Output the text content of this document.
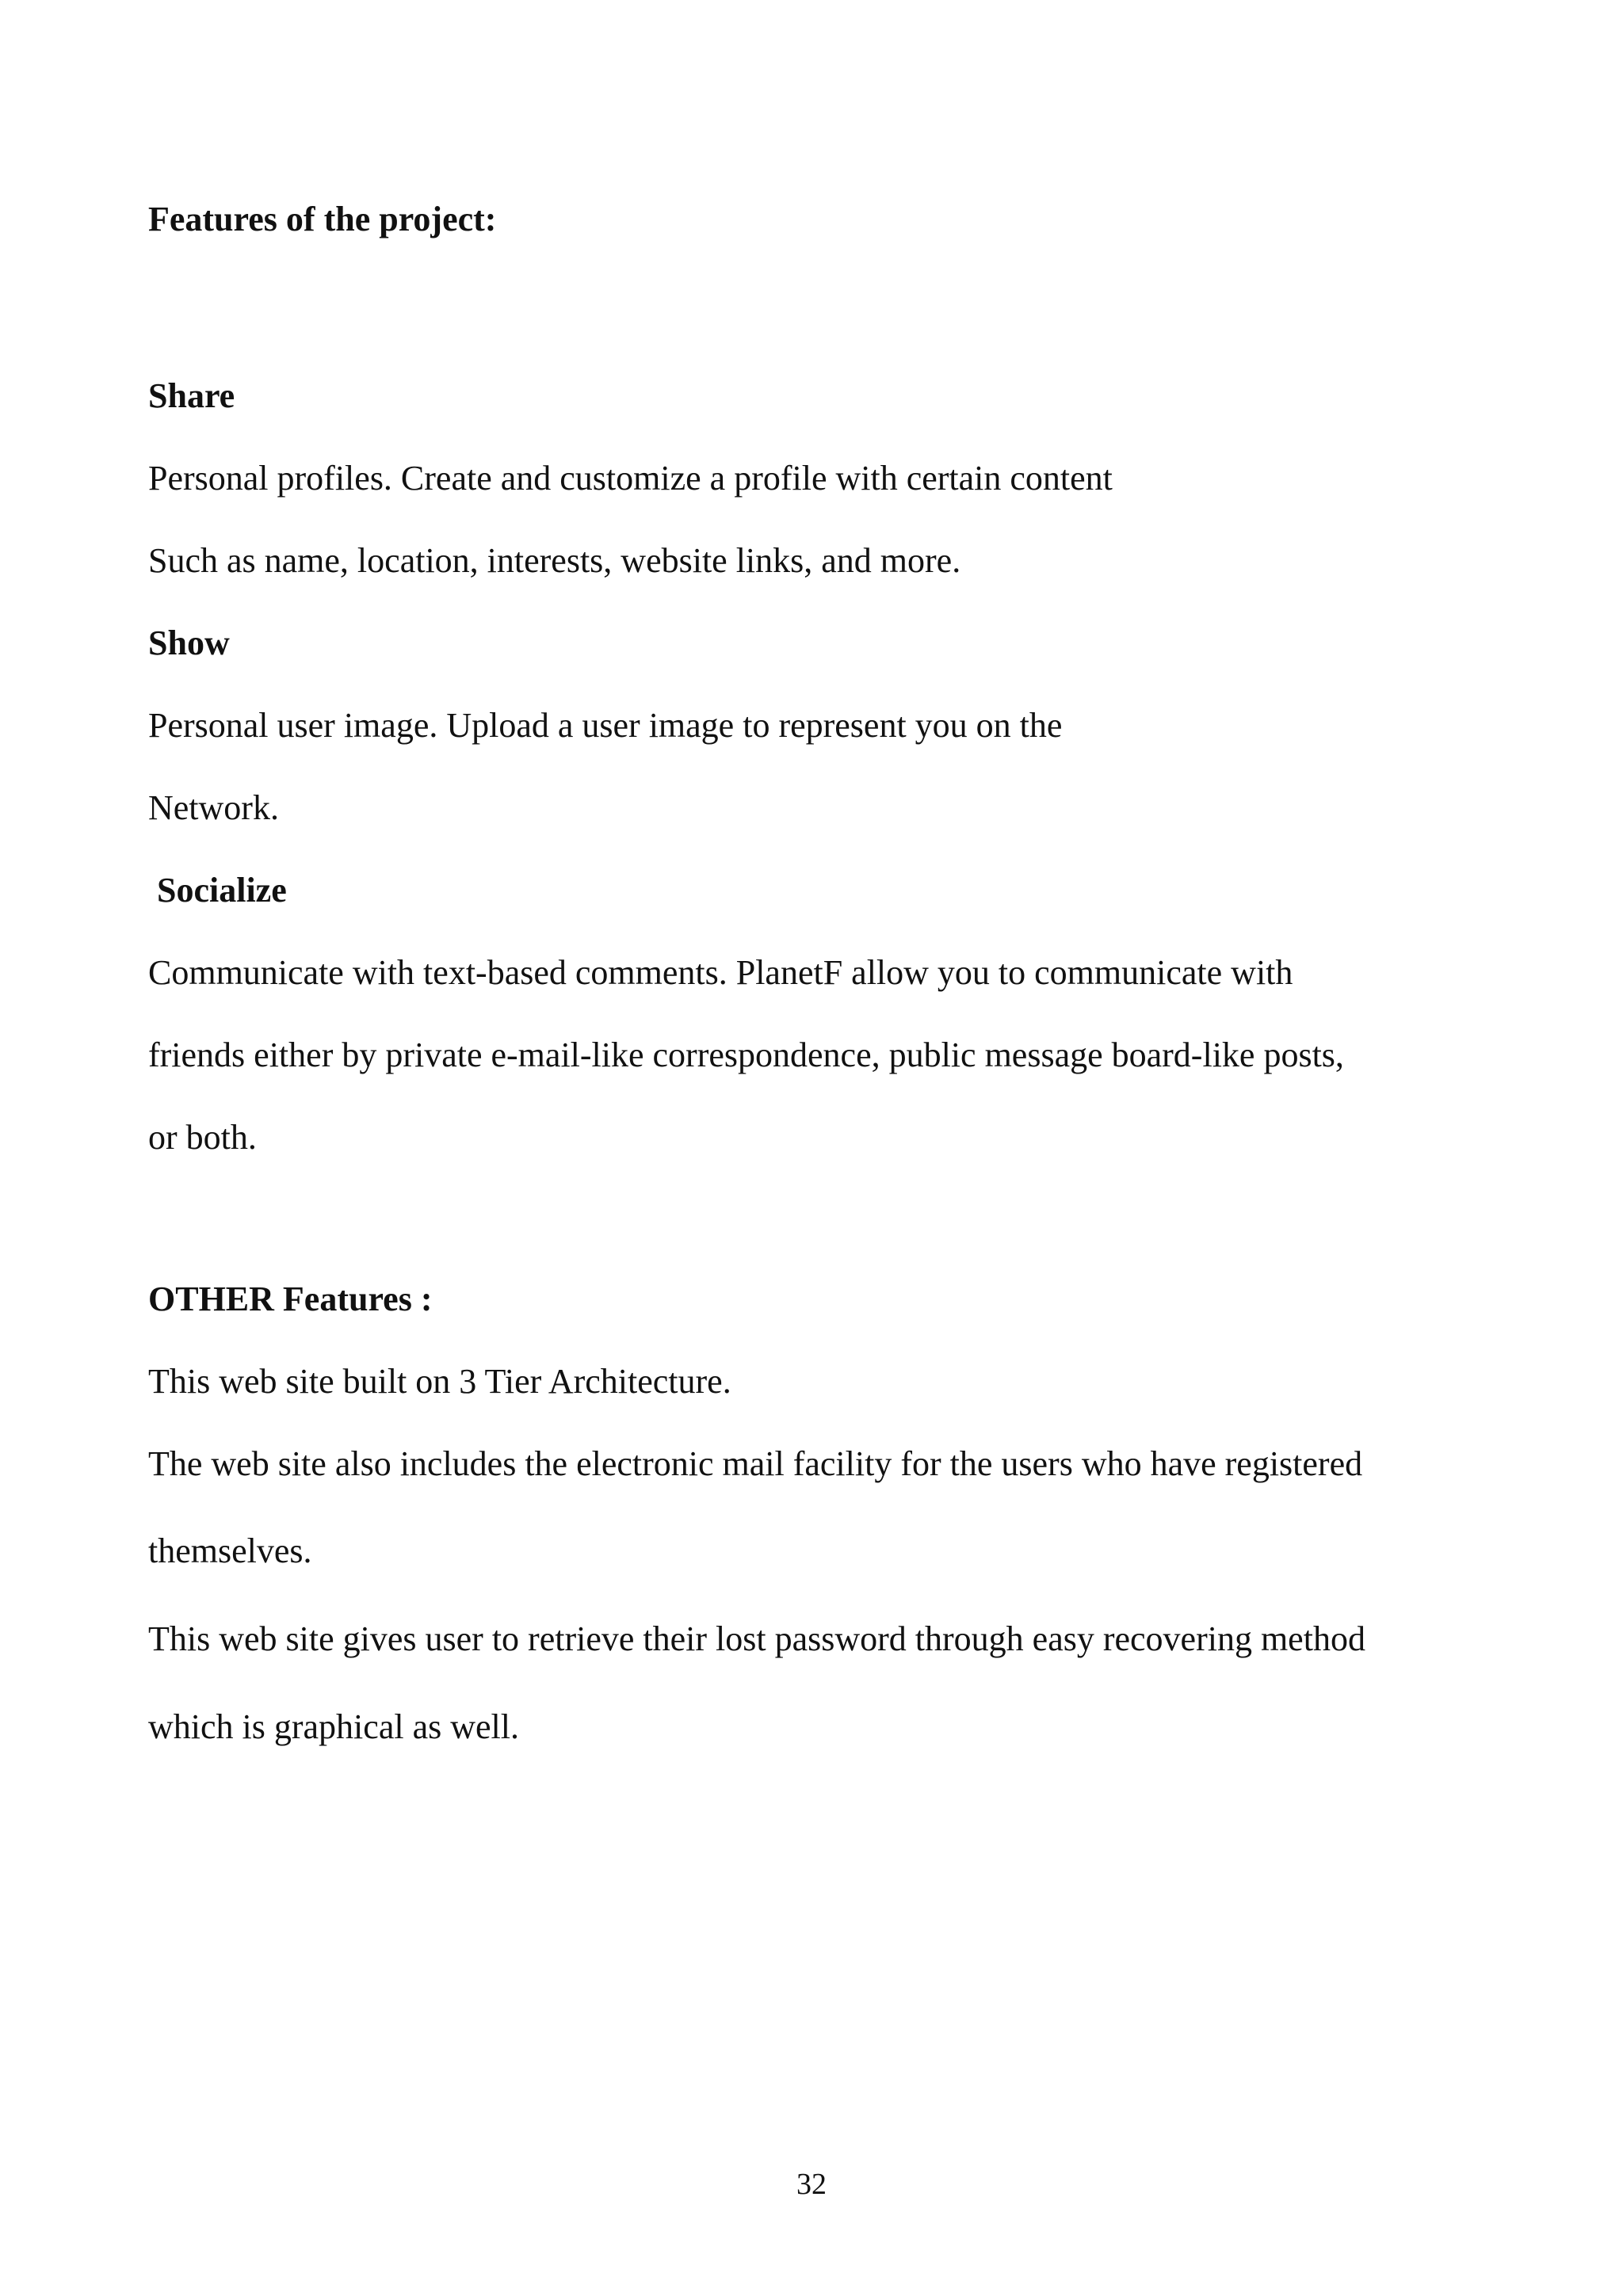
Features of the project:
Share

Personal profiles. Create and customize a profile with certain content

Such as name, location, interests, website links, and more.

Show

Personal user image. Upload a user image to represent you on the

Network.

Socialize

Communicate with text-based comments. PlanetF allow you to communicate with

friends either by private e-mail-like correspondence, public message board-like posts,

or both.

OTHER Features :

This web site built on 3 Tier Architecture.

The web site also includes the electronic mail facility for the users who have registered

themselves.

This web site gives user to retrieve their lost password through easy recovering method

which is graphical as well.

32
